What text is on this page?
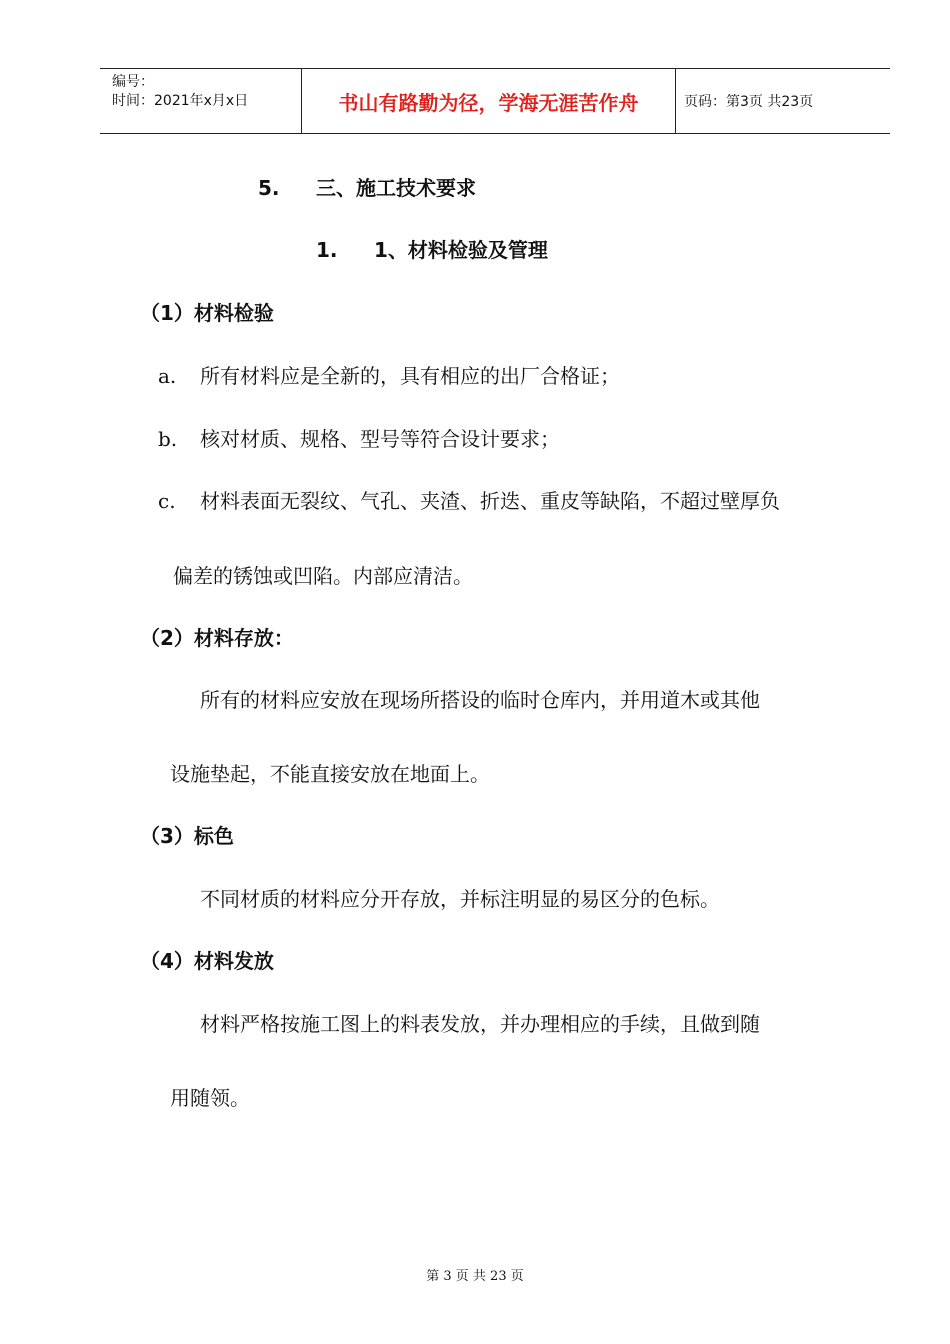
编号：
时间：2021年x月x日	书山有路勤为径，学海无涯苦作舟	页码：第3页 共23页
5. 三、施工技术要求
1. 1、材料检验及管理
（1）材料检验
a. 所有材料应是全新的，具有相应的出厂合格证；
b. 核对材质、规格、型号等符合设计要求；
c. 材料表面无裂纹、气孔、夹渣、折迭、重皮等缺陷，不超过壁厚负
偏差的锈蚀或凹陷。内部应清洁。
（2）材料存放：
所有的材料应安放在现场所搭设的临时仓库内，并用道木或其他
设施垫起，不能直接安放在地面上。
（3）标色
不同材质的材料应分开存放，并标注明显的易区分的色标。
（4）材料发放
材料严格按施工图上的料表发放，并办理相应的手续，且做到随
用随领。
第 3 页 共 23 页
